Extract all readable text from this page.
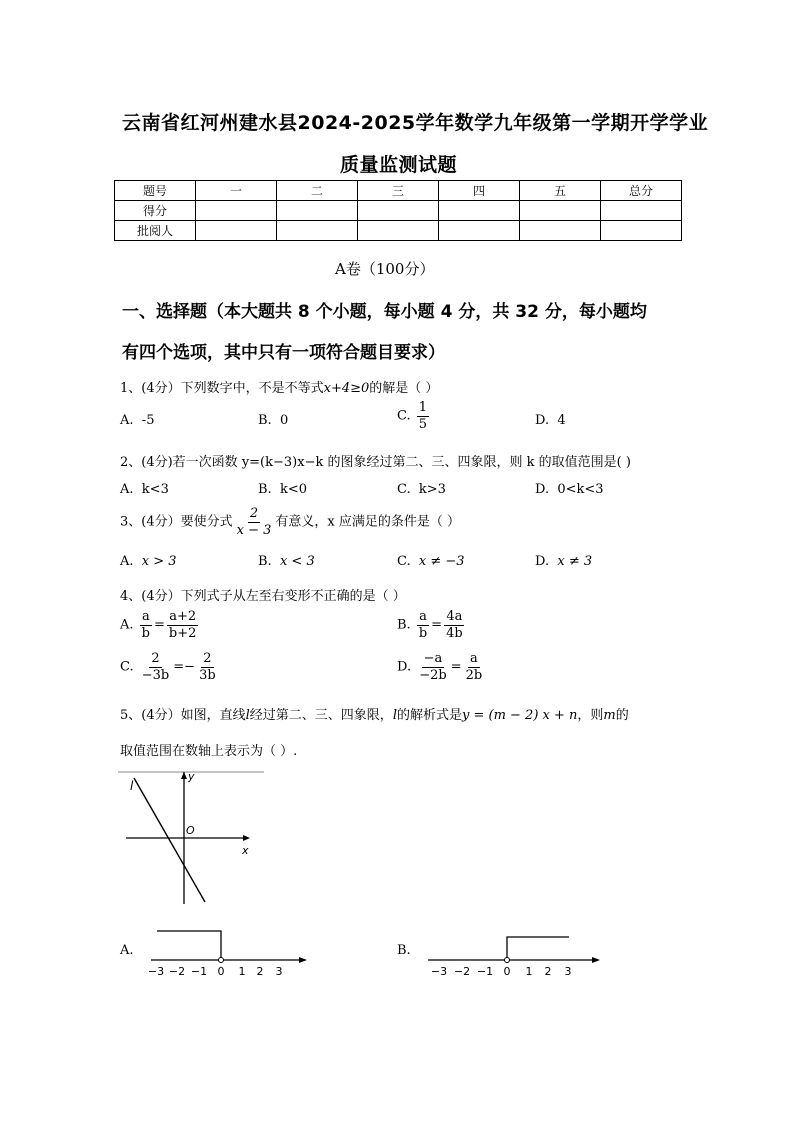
云南省红河州建水县2024-2025学年数学九年级第一学期开学学业
质量监测试题
题号	一	二	三	四	五	总分
得分						
批阅人						
A卷（100分）
一、选择题（本大题共 8 个小题，每小题 4 分，共 32 分，每小题均
有四个选项，其中只有一项符合题目要求）
1、(4分）下列数字中，不是不等式x+4≥0的解是（ ）
A. -5	B. 0	C. $\frac{1}{5}$	D. 4
2、(4分)若一次函数 y=(k−3)x−k 的图象经过第二、三、四象限，则 k 的取值范围是( )
A. k<3	B. k<0	C. k>3	D. 0<k<3
3、(4分）要使分式 $\frac{2}{x - 3}$ 有意义，x 应满足的条件是（ ）
A. x > 3	B. x < 3	C. x ≠ −3	D. x ≠ 3
4、(4分）下列式子从左至右变形不正确的是（ ）
A. $\frac{a}{b} = \frac{a+2}{b+2}$	B. $\frac{a}{b} = \frac{4a}{4b}$
C. $\frac{2}{-3b} =- \frac{2}{3b}$	D. $\frac{-a}{-2b} = \frac{a}{2b}$
5、(4分）如图，直线l经过第二、三、四象限，l的解析式是y = (m − 2) x + n，则m的
取值范围在数轴上表示为（ ）.
l
y
O
x
A.
−3 −2 −1 0 1 2 3
B.
−3 −2 −1 0 1 2 3
